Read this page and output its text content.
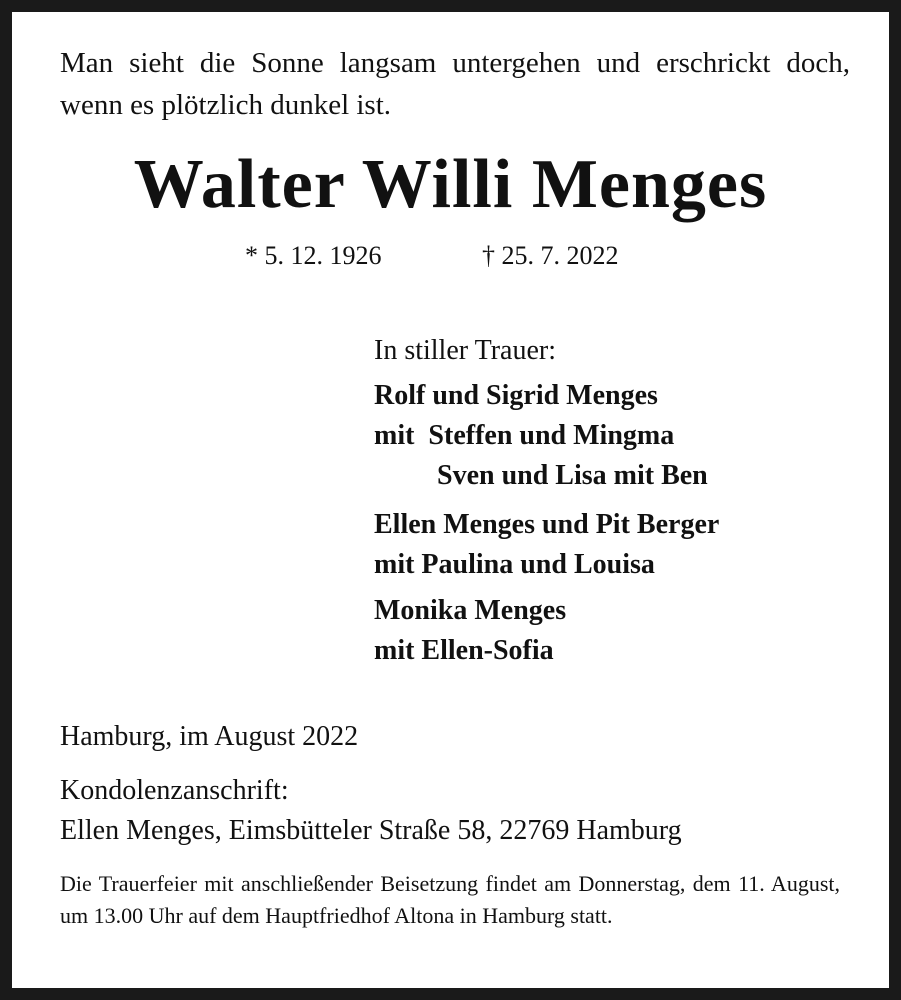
Man sieht die Sonne langsam untergehen und erschrickt doch, wenn es plötzlich dunkel ist.
Walter Willi Menges
* 5. 12. 1926	† 25. 7. 2022
In stiller Trauer:
Rolf und Sigrid Menges
mit  Steffen und Mingma
Sven und Lisa mit Ben
Ellen Menges und Pit Berger
mit Paulina und Louisa
Monika Menges
mit Ellen-Sofia
Hamburg, im August 2022
Kondolenzanschrift:
Ellen Menges, Eimsbütteler Straße 58, 22769 Hamburg
Die Trauerfeier mit anschließender Beisetzung findet am Donnerstag, dem 11. August, um 13.00 Uhr auf dem Hauptfriedhof Altona in Hamburg statt.
